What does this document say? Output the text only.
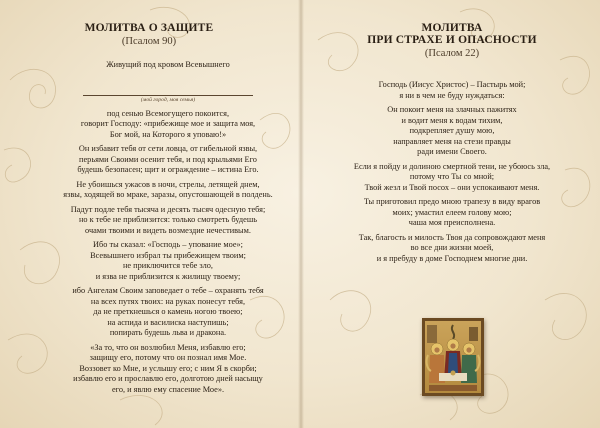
МОЛИТВА О ЗАЩИТЕ
(Псалом 90)

Живущий под кровом Всевышнего

(мой город, моя семья)

под сенью Всемогущего покоится,

говорит Господу: «прибежище мое и защита моя,

Бог мой, на Которого я уповаю!»

Он избавит тебя от сети ловца, от гибельной язвы,

перьями Своими осенит тебя, и под крыльями Его

будешь безопасен; щит и ограждение – истина Его.

Не убоишься ужасов в ночи, стрелы, летящей днем,

язвы, ходящей во мраке, заразы, опустошающей в полдень.

Падут подле тебя тысяча и десять тысяч одесную тебя;

но к тебе не приблизится: только смотреть будешь

очами твоими и видеть возмездие нечестивым.

Ибо ты сказал: «Господь – упование мое»;

Всевышнего избрал ты прибежищем твоим;

не приключится тебе зло,

и язва не приблизится к жилищу твоему;

ибо Ангелам Своим заповедает о тебе – охранять тебя

на всех путях твоих: на руках понесут тебя,

да не преткнешься о камень ногою твоею;

на аспида и василиска наступишь;

попирать будешь льва и дракона.

«За то, что он возлюбил Меня, избавлю его;

защищу его, потому что он познал имя Мое.

Воззовет ко Мне, и услышу его; с ним Я в скорби;

избавлю его и прославлю его, долготою дней насыщу

его, и явлю ему спасение Мое».

МОЛИТВА
ПРИ СТРАХЕ И ОПАСНОСТИ
(Псалом 22)

Господь (Иисус Христос) – Пастырь мой;

я ни в чем не буду нуждаться:

Он покоит меня на злачных пажитях

и водит меня к водам тихим,

подкрепляет душу мою,

направляет меня на стези правды

ради имени Своего.

Если я пойду и долиною смертной тени, не убоюсь зла,

потому что Ты со мной;

Твой жезл и Твой посох – они успокаивают меня.

Ты приготовил предо мною трапезу в виду врагов

моих; умастил елеем голову мою;

чаша моя преисполнена.

Так, благость и милость Твоя да сопровождают меня

во все дни жизни моей,

и я пребуду в доме Господнем многие дни.
